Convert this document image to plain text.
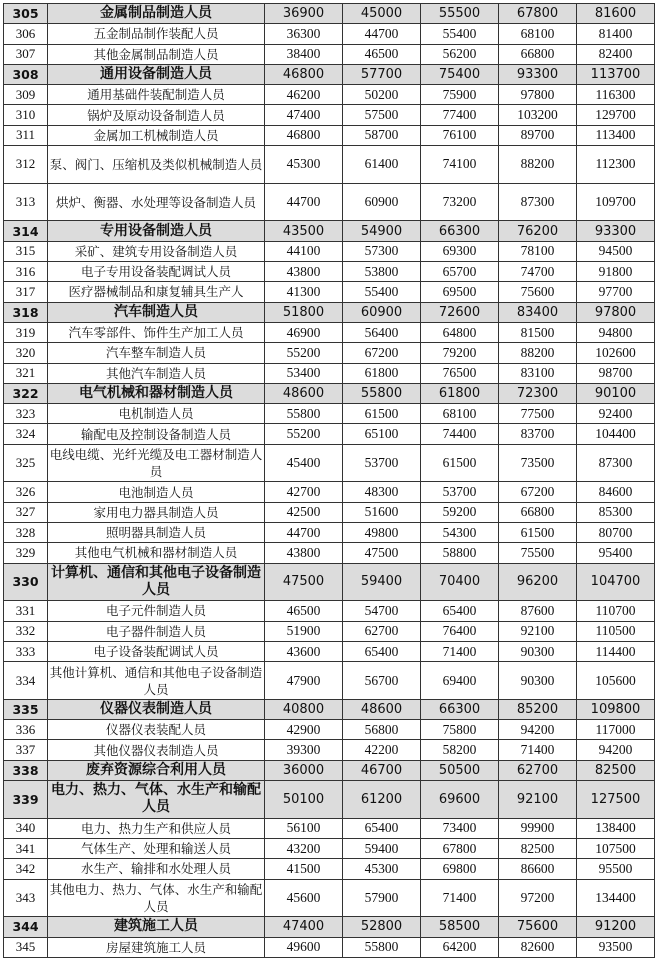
305	金属制品制造人员	36900	45000	55500	67800	81600
306	五金制品制作装配人员	36300	44700	55400	68100	81400
307	其他金属制品制造人员	38400	46500	56200	66800	82400
308	通用设备制造人员	46800	57700	75400	93300	113700
309	通用基础件装配制造人员	46200	50200	75900	97800	116300
310	锅炉及原动设备制造人员	47400	57500	77400	103200	129700
311	金属加工机械制造人员	46800	58700	76100	89700	113400
312	泵、阀门、压缩机及类似机械制造人员	45300	61400	74100	88200	112300
313	烘炉、衡器、水处理等设备制造人员	44700	60900	73200	87300	109700
314	专用设备制造人员	43500	54900	66300	76200	93300
315	采矿、建筑专用设备制造人员	44100	57300	69300	78100	94500
316	电子专用设备装配调试人员	43800	53800	65700	74700	91800
317	医疗器械制品和康复辅具生产人	41300	55400	69500	75600	97700
318	汽车制造人员	51800	60900	72600	83400	97800
319	汽车零部件、饰件生产加工人员	46900	56400	64800	81500	94800
320	汽车整车制造人员	55200	67200	79200	88200	102600
321	其他汽车制造人员	53400	61800	76500	83100	98700
322	电气机械和器材制造人员	48600	55800	61800	72300	90100
323	电机制造人员	55800	61500	68100	77500	92400
324	输配电及控制设备制造人员	55200	65100	74400	83700	104400
325	电线电缆、光纤光缆及电工器材制造人员	45400	53700	61500	73500	87300
326	电池制造人员	42700	48300	53700	67200	84600
327	家用电力器具制造人员	42500	51600	59200	66800	85300
328	照明器具制造人员	44700	49800	54300	61500	80700
329	其他电气机械和器材制造人员	43800	47500	58800	75500	95400
330	计算机、通信和其他电子设备制造人员	47500	59400	70400	96200	104700
331	电子元件制造人员	46500	54700	65400	87600	110700
332	电子器件制造人员	51900	62700	76400	92100	110500
333	电子设备装配调试人员	43600	65400	71400	90300	114400
334	其他计算机、通信和其他电子设备制造人员	47900	56700	69400	90300	105600
335	仪器仪表制造人员	40800	48600	66300	85200	109800
336	仪器仪表装配人员	42900	56800	75800	94200	117000
337	其他仪器仪表制造人员	39300	42200	58200	71400	94200
338	废弃资源综合利用人员	36000	46700	50500	62700	82500
339	电力、热力、气体、水生产和输配人员	50100	61200	69600	92100	127500
340	电力、热力生产和供应人员	56100	65400	73400	99900	138400
341	气体生产、处理和输送人员	43200	59400	67800	82500	107500
342	水生产、输排和水处理人员	41500	45300	69800	86600	95500
343	其他电力、热力、气体、水生产和输配人员	45600	57900	71400	97200	134400
344	建筑施工人员	47400	52800	58500	75600	91200
345	房屋建筑施工人员	49600	55800	64200	82600	93500
